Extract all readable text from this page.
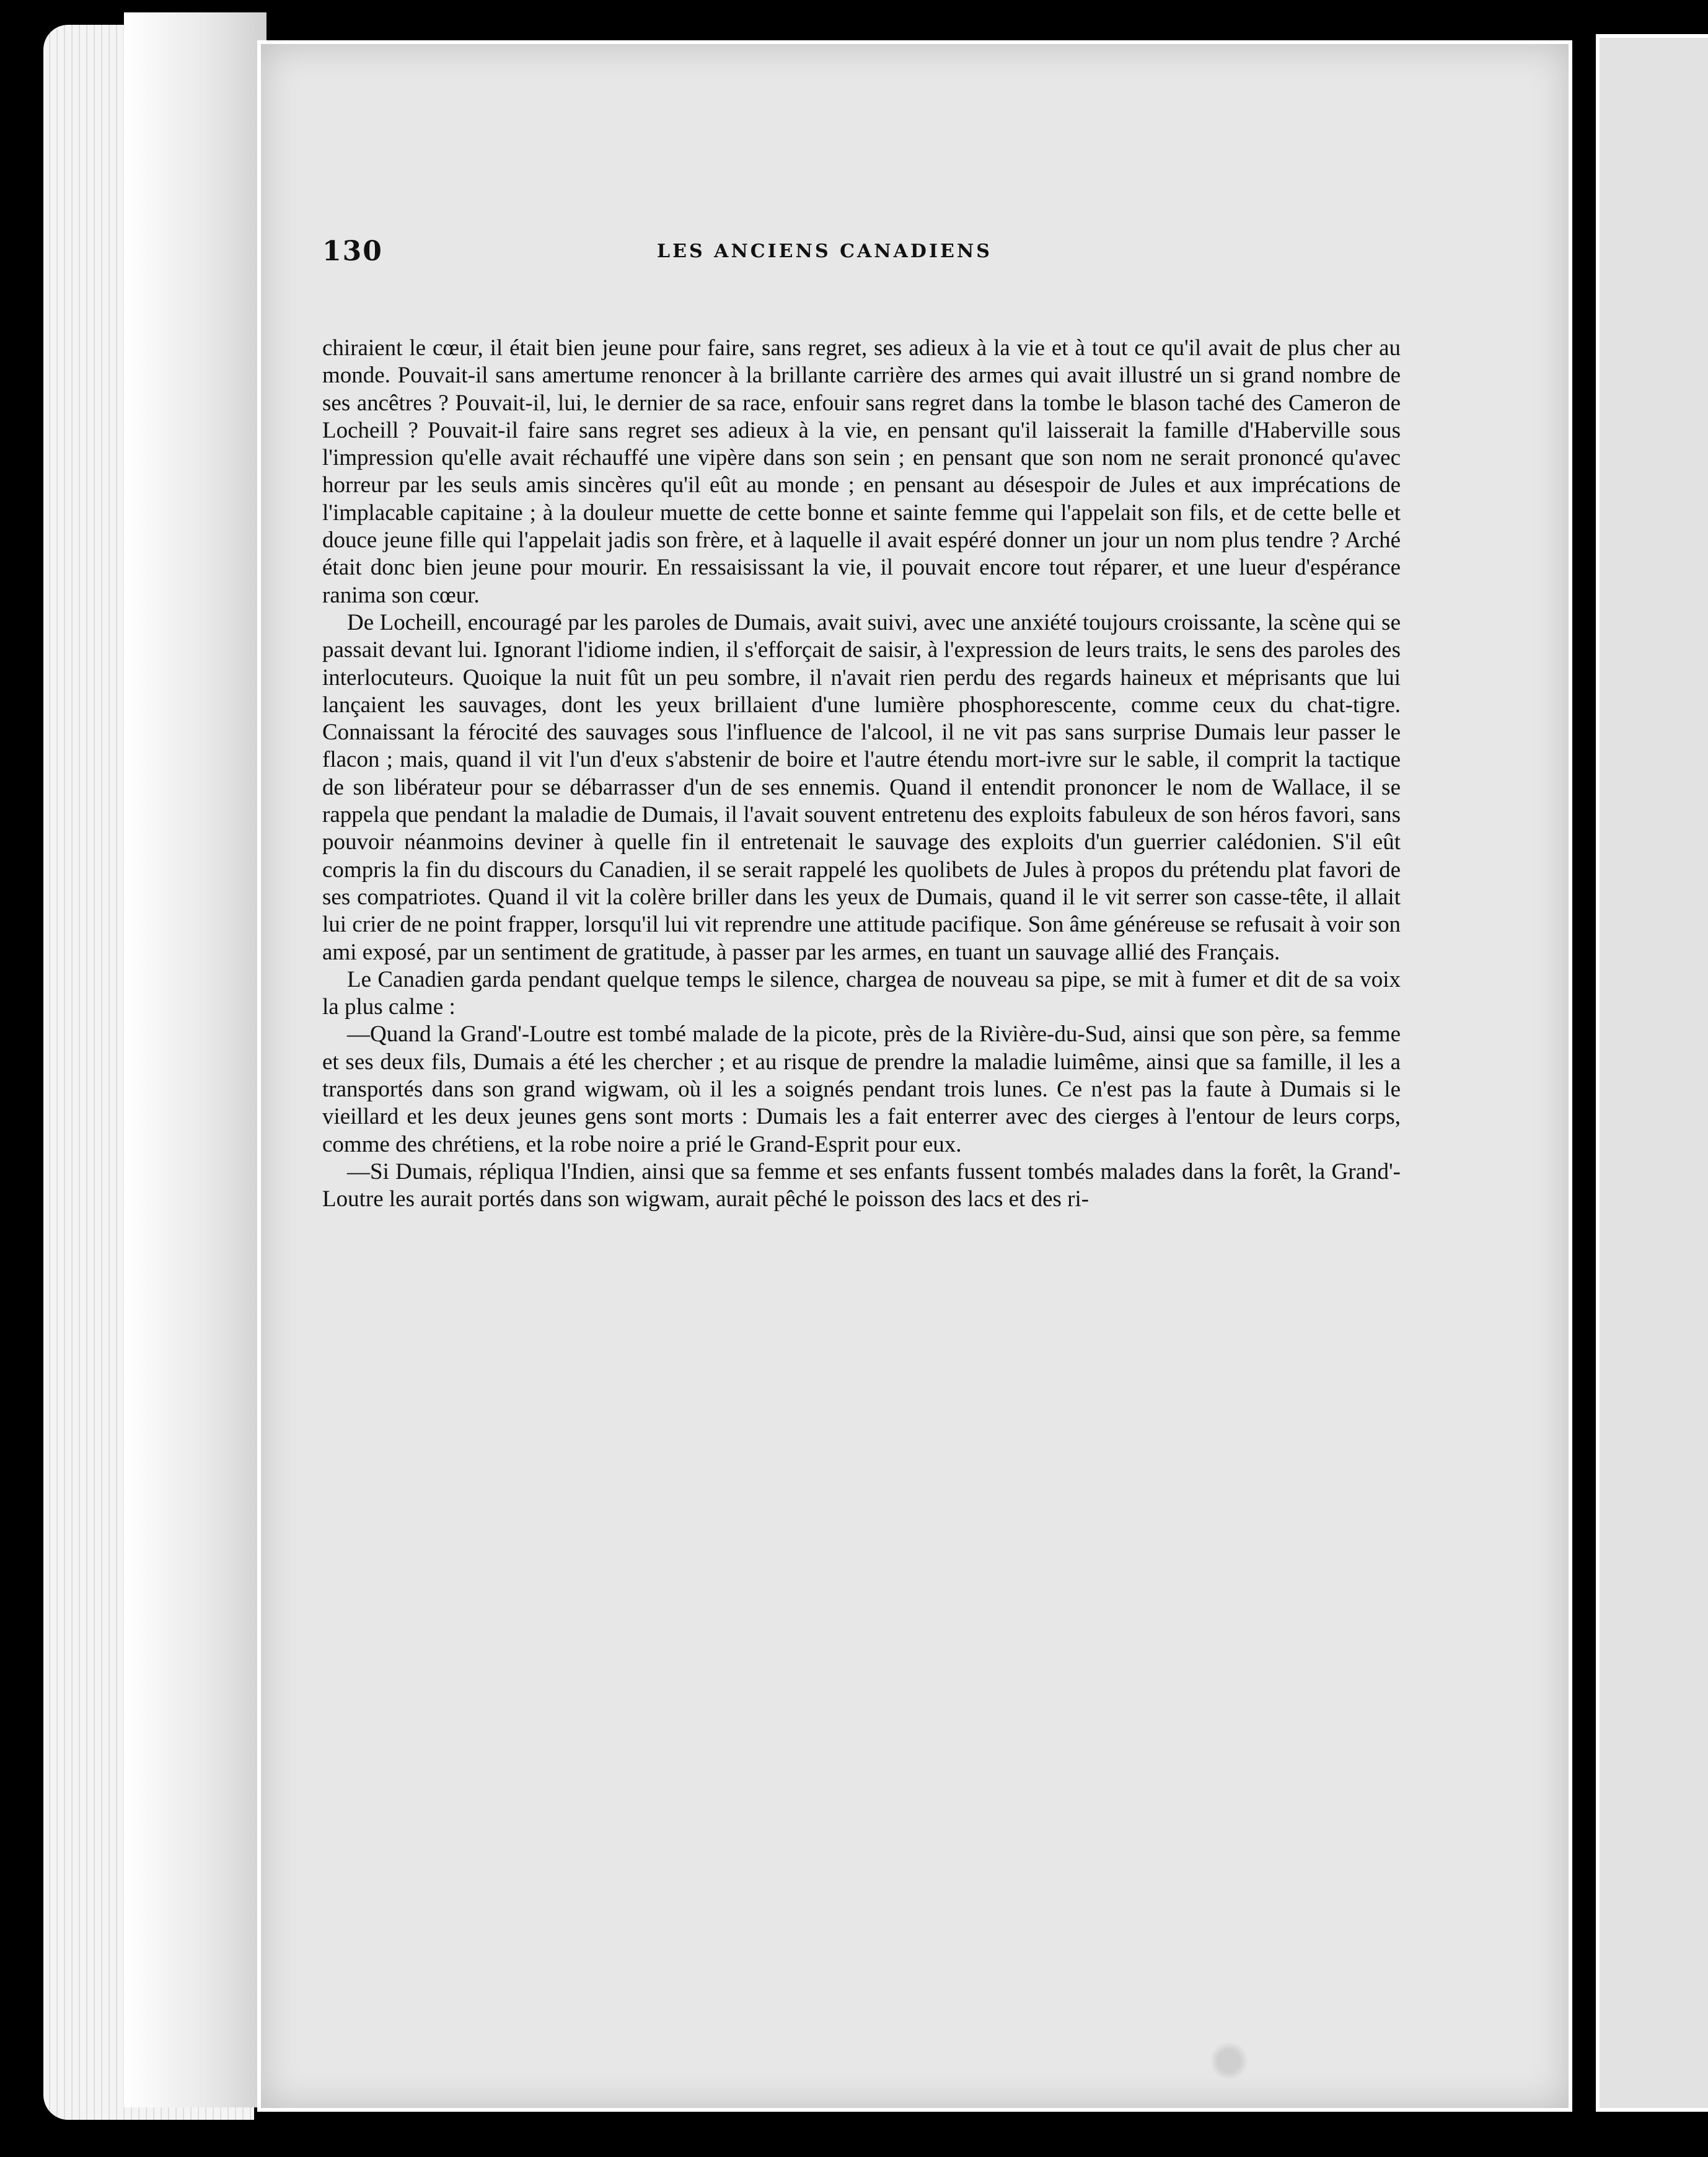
130	LES ANCIENS CANADIENS

chiraient le cœur, il était bien jeune pour faire, sans regret, ses adieux à la vie et à tout ce qu'il avait de plus cher au monde. Pouvait-il sans amertume renoncer à la brillante carrière des armes qui avait illustré un si grand nombre de ses ancêtres ? Pouvait-il, lui, le dernier de sa race, enfouir sans regret dans la tombe le blason taché des Cameron de Locheill ? Pouvait-il faire sans regret ses adieux à la vie, en pensant qu'il laisserait la famille d'Haberville sous l'impression qu'elle avait réchauffé une vipère dans son sein ; en pensant que son nom ne serait prononcé qu'avec horreur par les seuls amis sincères qu'il eût au monde ; en pensant au désespoir de Jules et aux imprécations de l'implacable capitaine ; à la douleur muette de cette bonne et sainte femme qui l'appelait son fils, et de cette belle et douce jeune fille qui l'appelait jadis son frère, et à laquelle il avait espéré donner un jour un nom plus tendre ? Arché était donc bien jeune pour mourir. En ressaisissant la vie, il pouvait encore tout réparer, et une lueur d'espérance ranima son cœur.

De Locheill, encouragé par les paroles de Dumais, avait suivi, avec une anxiété toujours croissante, la scène qui se passait devant lui. Ignorant l'idiome indien, il s'efforçait de saisir, à l'expression de leurs traits, le sens des paroles des interlocuteurs. Quoique la nuit fût un peu sombre, il n'avait rien perdu des regards haineux et méprisants que lui lançaient les sauvages, dont les yeux brillaient d'une lumière phosphorescente, comme ceux du chat-tigre. Connaissant la férocité des sauvages sous l'influence de l'alcool, il ne vit pas sans surprise Dumais leur passer le flacon ; mais, quand il vit l'un d'eux s'abstenir de boire et l'autre étendu mort-ivre sur le sable, il comprit la tactique de son libérateur pour se débarrasser d'un de ses ennemis. Quand il entendit prononcer le nom de Wallace, il se rappela que pendant la maladie de Dumais, il l'avait souvent entretenu des exploits fabuleux de son héros favori, sans pouvoir néanmoins deviner à quelle fin il entretenait le sauvage des exploits d'un guerrier calédonien. S'il eût compris la fin du discours du Canadien, il se serait rappelé les quolibets de Jules à propos du prétendu plat favori de ses compatriotes. Quand il vit la colère briller dans les yeux de Dumais, quand il le vit serrer son casse-tête, il allait lui crier de ne point frapper, lorsqu'il lui vit reprendre une attitude pacifique. Son âme généreuse se refusait à voir son ami exposé, par un sentiment de gratitude, à passer par les armes, en tuant un sauvage allié des Français.

Le Canadien garda pendant quelque temps le silence, chargea de nouveau sa pipe, se mit à fumer et dit de sa voix la plus calme :

—Quand la Grand'-Loutre est tombé malade de la picote, près de la Rivière-du-Sud, ainsi que son père, sa femme et ses deux fils, Dumais a été les chercher ; et au risque de prendre la maladie luimême, ainsi que sa famille, il les a transportés dans son grand wigwam, où il les a soignés pendant trois lunes. Ce n'est pas la faute à Dumais si le vieillard et les deux jeunes gens sont morts : Dumais les a fait enterrer avec des cierges à l'entour de leurs corps, comme des chrétiens, et la robe noire a prié le Grand-Esprit pour eux.

—Si Dumais, répliqua l'Indien, ainsi que sa femme et ses enfants fussent tombés malades dans la forêt, la Grand'-Loutre les aurait portés dans son wigwam, aurait pêché le poisson des lacs et des ri-
